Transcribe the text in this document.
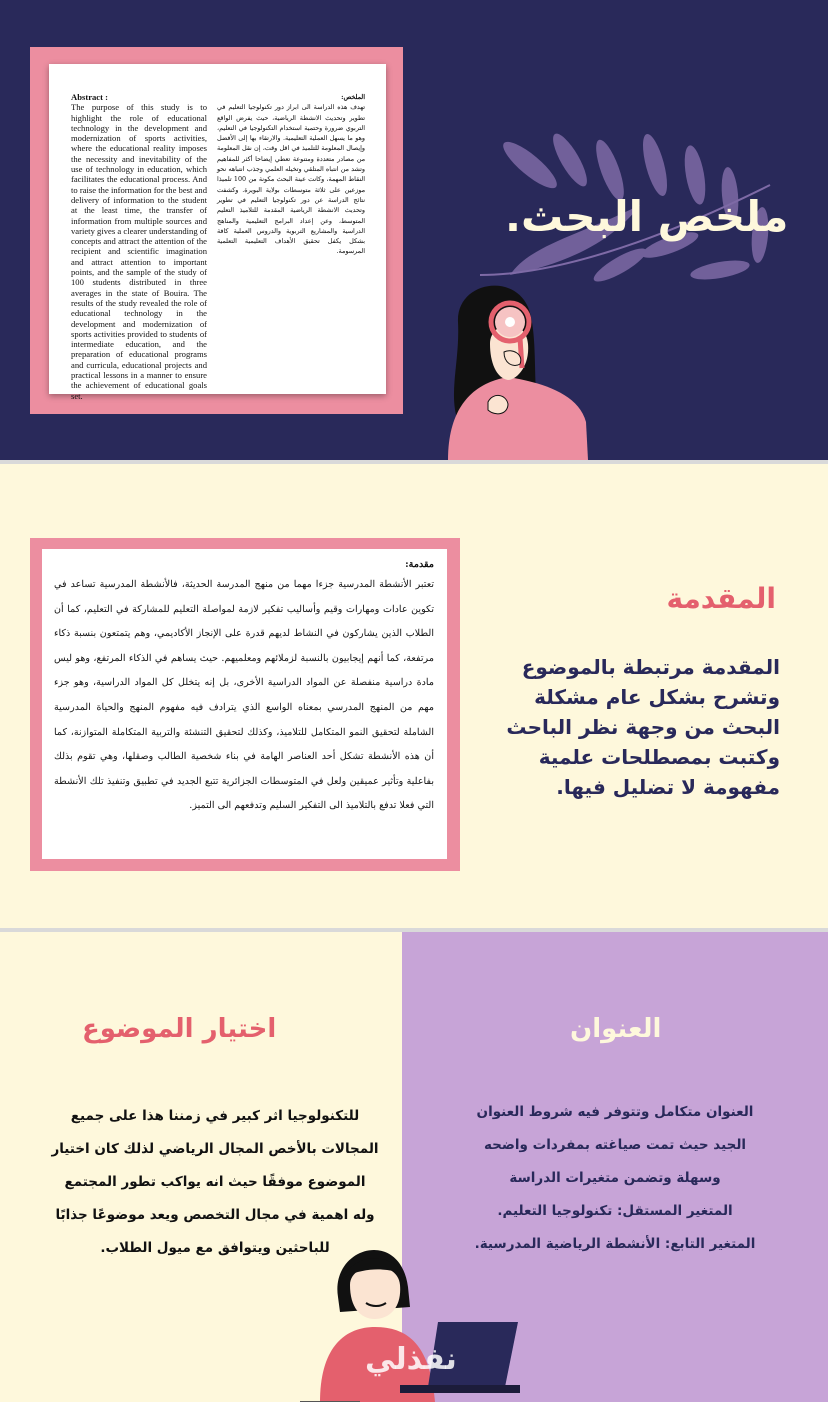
ملخص البحث.
Abstract :
The purpose of this study is to highlight the role of educational technology in the development and modernization of sports activities, where the educational reality imposes the necessity and inevitability of the use of technology in education, which facilitates the educational process. And to raise the information for the best and delivery of information to the student at the least time, the transfer of information from multiple sources and variety gives a clearer understanding of concepts and attract the attention of the recipient and scientific imagination and attract attention to important points, and the sample of the study of 100 students distributed in three averages in the state of Bouira. The results of the study revealed the role of educational technology in the development and modernization of sports activities provided to students of intermediate education, and the preparation of educational programs and curricula, educational projects and practical lessons in a manner to ensure the achievement of educational goals set.
الملخص:
تهدف هذه الدراسة الى ابراز دور تكنولوجيا التعليم في تطوير وتحديث الانشطة الرياضية، حيث يفرض الواقع التربوي ضرورة وحتمية استخدام التكنولوجيا في التعليم، وهو ما يسهل العملية التعليمية. والارتقاء بها إلى الأفضل وإيصال المعلومة للتلميذ في اقل وقت، إن نقل المعلومة من مصادر متعددة ومتنوعة تعطي إيضاحا أكثر للمفاهيم وتشد من انتباه المتلقي وتخيله العلمي وجذب انتباهه نحو النقاط المهمة، وكانت عينة البحث مكونة من 100 تلميذا موزعين على ثلاثة متوسطات بولاية البويرة. وكشفت نتائج الدراسة عن دور تكنولوجيا التعليم في تطوير وتحديث الانشطة الرياضية المقدمة للتلاميذ التعليم المتوسط، وعن إعداد البرامج التعليمية والمناهج الدراسية والمشاريع التربوية والدروس العملية كافة بشكل يكفل تحقيق الأهداف التعليمية التعلمية المرسومة.
مقدمة:
تعتبر الأنشطة المدرسية جزءا مهما من منهج المدرسة الحديثة، فالأنشطة المدرسية تساعد في تكوين عادات ومهارات وقيم وأساليب تفكير لازمة لمواصلة التعليم للمشاركة في التعليم، كما أن الطلاب الذين يشاركون في النشاط لديهم قدرة على الإنجاز الأكاديمي، وهم يتمتعون بنسبة ذكاء مرتفعة، كما أنهم إيجابيون بالنسبة لزملائهم ومعلميهم. حيث يساهم في الذكاء المرتفع، وهو ليس مادة دراسية منفصلة عن المواد الدراسية الأخرى، بل إنه يتخلل كل المواد الدراسية، وهو جزء مهم من المنهج المدرسي بمعناه الواسع الذي يترادف فيه مفهوم المنهج والحياة المدرسية الشاملة لتحقيق النمو المتكامل للتلاميذ، وكذلك لتحقيق التنشئة والتربية المتكاملة المتوازنة، كما أن هذه الأنشطة تشكل أحد العناصر الهامة في بناء شخصية الطالب وصقلها، وهي تقوم بذلك بفاعلية وتأثير عميقين ولعل في المتوسطات الجزائرية تتبع الجديد في تطبيق وتنفيذ تلك الأنشطة التي فعلا تدفع بالتلاميذ الى التفكير السليم وتدفعهم الى التميز.
المقدمة
المقدمة مرتبطة بالموضوع وتشرح بشكل عام مشكلة البحث من وجهة نظر الباحث وكتبت بمصطلحات علمية مفهومة لا تضليل فيها.
اختيار الموضوع
للتكنولوجيا اثر كبير في زمننا هذا على جميع
المجالات بالأخص المجال الرياضي لذلك كان اختيار
الموضوع موفقًا حيث انه يواكب تطور المجتمع
وله اهمية في مجال التخصص ويعد موضوعًا جذابًا
للباحثين ويتوافق مع ميول الطلاب.
العنوان
العنوان متكامل وتتوفر فيه شروط العنوان
الجيد حيث تمت صياغته بمفردات واضحه
وسهلة وتضمن متغيرات الدراسة
المتغير المستقل: تكنولوجيا التعليم.
المتغير التابع: الأنشطة الرياضية المدرسية.
نفذلي
